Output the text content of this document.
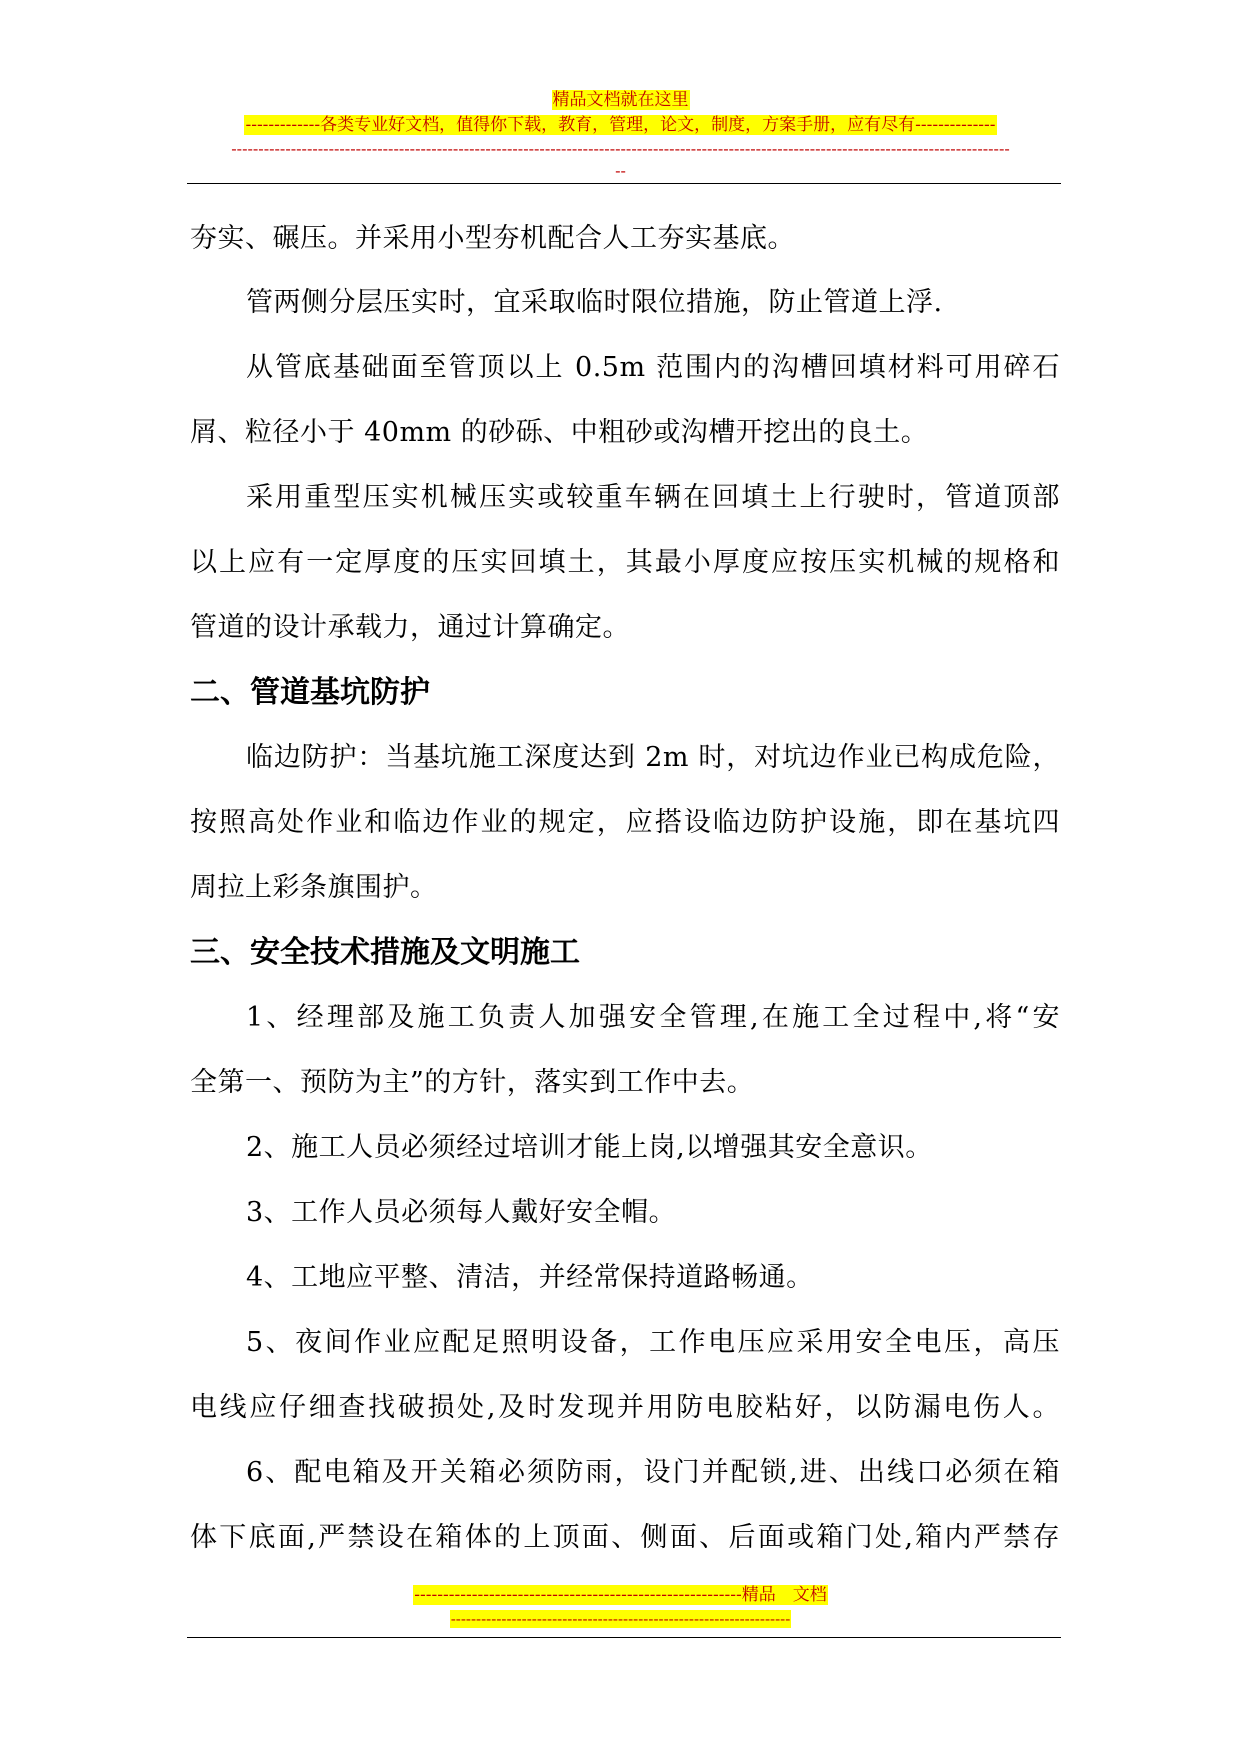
精品文档就在这里
-------------各类专业好文档，值得你下载，教育，管理，论文，制度，方案手册，应有尽有--------------
------------------------------------------------------------------------------------------------------------------------------------------------
--
夯实、碾压。并采用小型夯机配合人工夯实基底。
管两侧分层压实时，宜采取临时限位措施，防止管道上浮.
从管底基础面至管顶以上 0.5m 范围内的沟槽回填材料可用碎石
屑、粒径小于 40mm 的砂砾、中粗砂或沟槽开挖出的良土。
采用重型压实机械压实或较重车辆在回填土上行驶时，管道顶部
以上应有一定厚度的压实回填土，其最小厚度应按压实机械的规格和
管道的设计承载力，通过计算确定。
二、管道基坑防护
临边防护：当基坑施工深度达到 2m 时，对坑边作业已构成危险，
按照高处作业和临边作业的规定，应搭设临边防护设施，即在基坑四
周拉上彩条旗围护。
三、安全技术措施及文明施工
1、经理部及施工负责人加强安全管理,在施工全过程中,将“安
全第一、预防为主”的方针，落实到工作中去。
2、施工人员必须经过培训才能上岗,以增强其安全意识。
3、工作人员必须每人戴好安全帽。
4、工地应平整、清洁，并经常保持道路畅通。
5、夜间作业应配足照明设备，工作电压应采用安全电压，高压
电线应仔细查找破损处,及时发现并用防电胶粘好，以防漏电伤人。
6、配电箱及开关箱必须防雨，设门并配锁,进、出线口必须在箱
体下底面,严禁设在箱体的上顶面、侧面、后面或箱门处,箱内严禁存
---------------------------------------------------------精品　文档
-------------------------------------------------------------------
